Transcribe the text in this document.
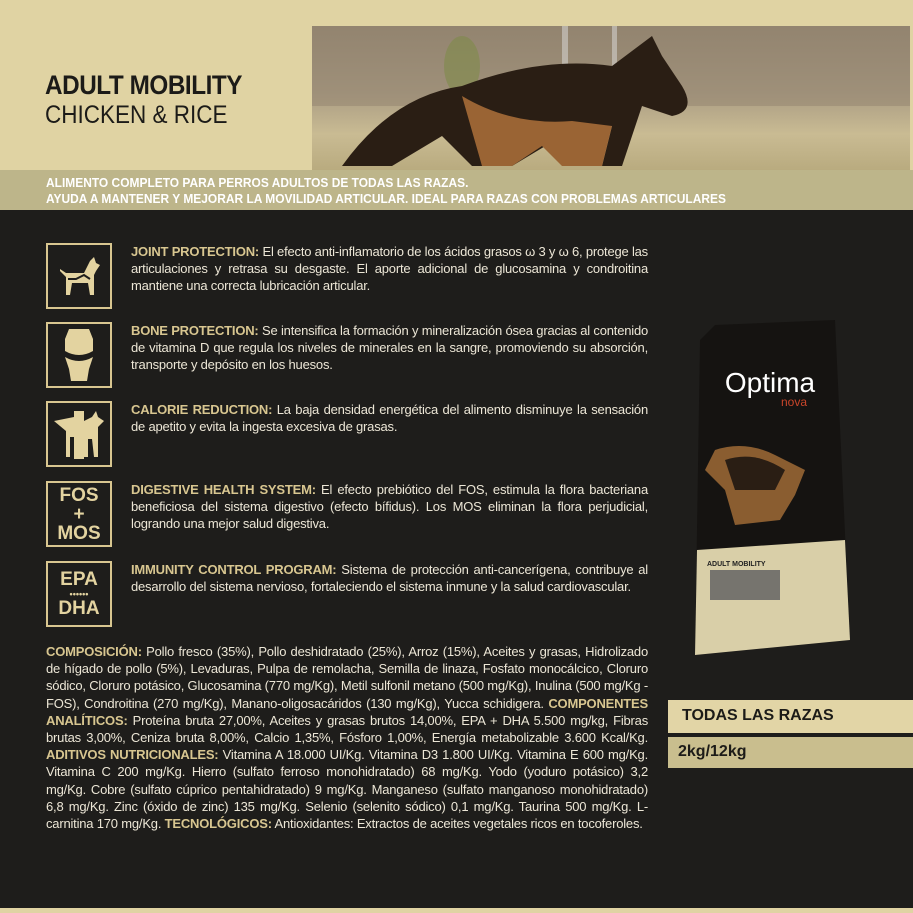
ADULT MOBILITY
CHICKEN & RICE
ALIMENTO COMPLETO PARA PERROS ADULTOS DE TODAS LAS RAZAS.
AYUDA A MANTENER Y MEJORAR LA MOVILIDAD ARTICULAR. IDEAL PARA RAZAS CON PROBLEMAS ARTICULARES
JOINT PROTECTION: El efecto anti-inflamatorio de los ácidos grasos ω 3 y ω 6, protege las articulaciones y retrasa su desgaste. El aporte adicional de glucosamina y condroitina mantiene una correcta lubricación articular.
BONE PROTECTION: Se intensifica la formación y mineralización ósea gracias al contenido de vitamina D que regula los niveles de minerales en la sangre, promoviendo su absorción, transporte y depósito en los huesos.
CALORIE REDUCTION: La baja densidad energética del alimento disminuye la sensación de apetito y evita la ingesta excesiva de grasas.
FOS
+
MOS
DIGESTIVE HEALTH SYSTEM: El efecto prebiótico del FOS, estimula la flora bacteriana beneficiosa del sistema digestivo (efecto bífidus). Los MOS eliminan la flora perjudicial, logrando una mejor salud digestiva.
EPA
••••••
DHA
IMMUNITY CONTROL PROGRAM: Sistema de protección anti-cancerígena, contribuye al desarrollo del sistema nervioso, fortaleciendo el sistema inmune y la salud cardiovascular.
COMPOSICIÓN: Pollo fresco (35%), Pollo deshidratado (25%), Arroz (15%), Aceites y grasas, Hidrolizado de hígado de pollo (5%), Levaduras, Pulpa de remolacha, Semilla de linaza, Fosfato monocálcico, Cloruro sódico, Cloruro potásico, Glucosamina (770 mg/Kg), Metil sulfonil metano (500 mg/Kg), Inulina (500 mg/Kg - FOS), Condroitina (270 mg/Kg), Manano-oligosacáridos (130 mg/Kg), Yucca schidigera. COMPONENTES ANALÍTICOS: Proteína bruta 27,00%, Aceites y grasas brutos 14,00%, EPA + DHA 5.500 mg/kg, Fibras brutas 3,00%, Ceniza bruta 8,00%, Calcio 1,35%, Fósforo 1,00%, Energía metabolizable 3.600 Kcal/Kg. ADITIVOS NUTRICIONALES: Vitamina A 18.000 UI/Kg. Vitamina D3 1.800 UI/Kg. Vitamina E 600 mg/Kg. Vitamina C 200 mg/Kg. Hierro (sulfato ferroso monohidratado) 68 mg/Kg. Yodo (yoduro potásico) 3,2 mg/Kg. Cobre (sulfato cúprico pentahidratado) 9 mg/Kg. Manganeso (sulfato manganoso monohidratado) 6,8 mg/Kg. Zinc (óxido de zinc) 135 mg/Kg. Selenio (selenito sódico) 0,1 mg/Kg. Taurina 500 mg/Kg. L-carnitina 170 mg/Kg. TECNOLÓGICOS: Antioxidantes: Extractos de aceites vegetales ricos en tocoferoles.
Optima
nova
ADULT MOBILITY
TODAS LAS RAZAS
2kg/12kg
